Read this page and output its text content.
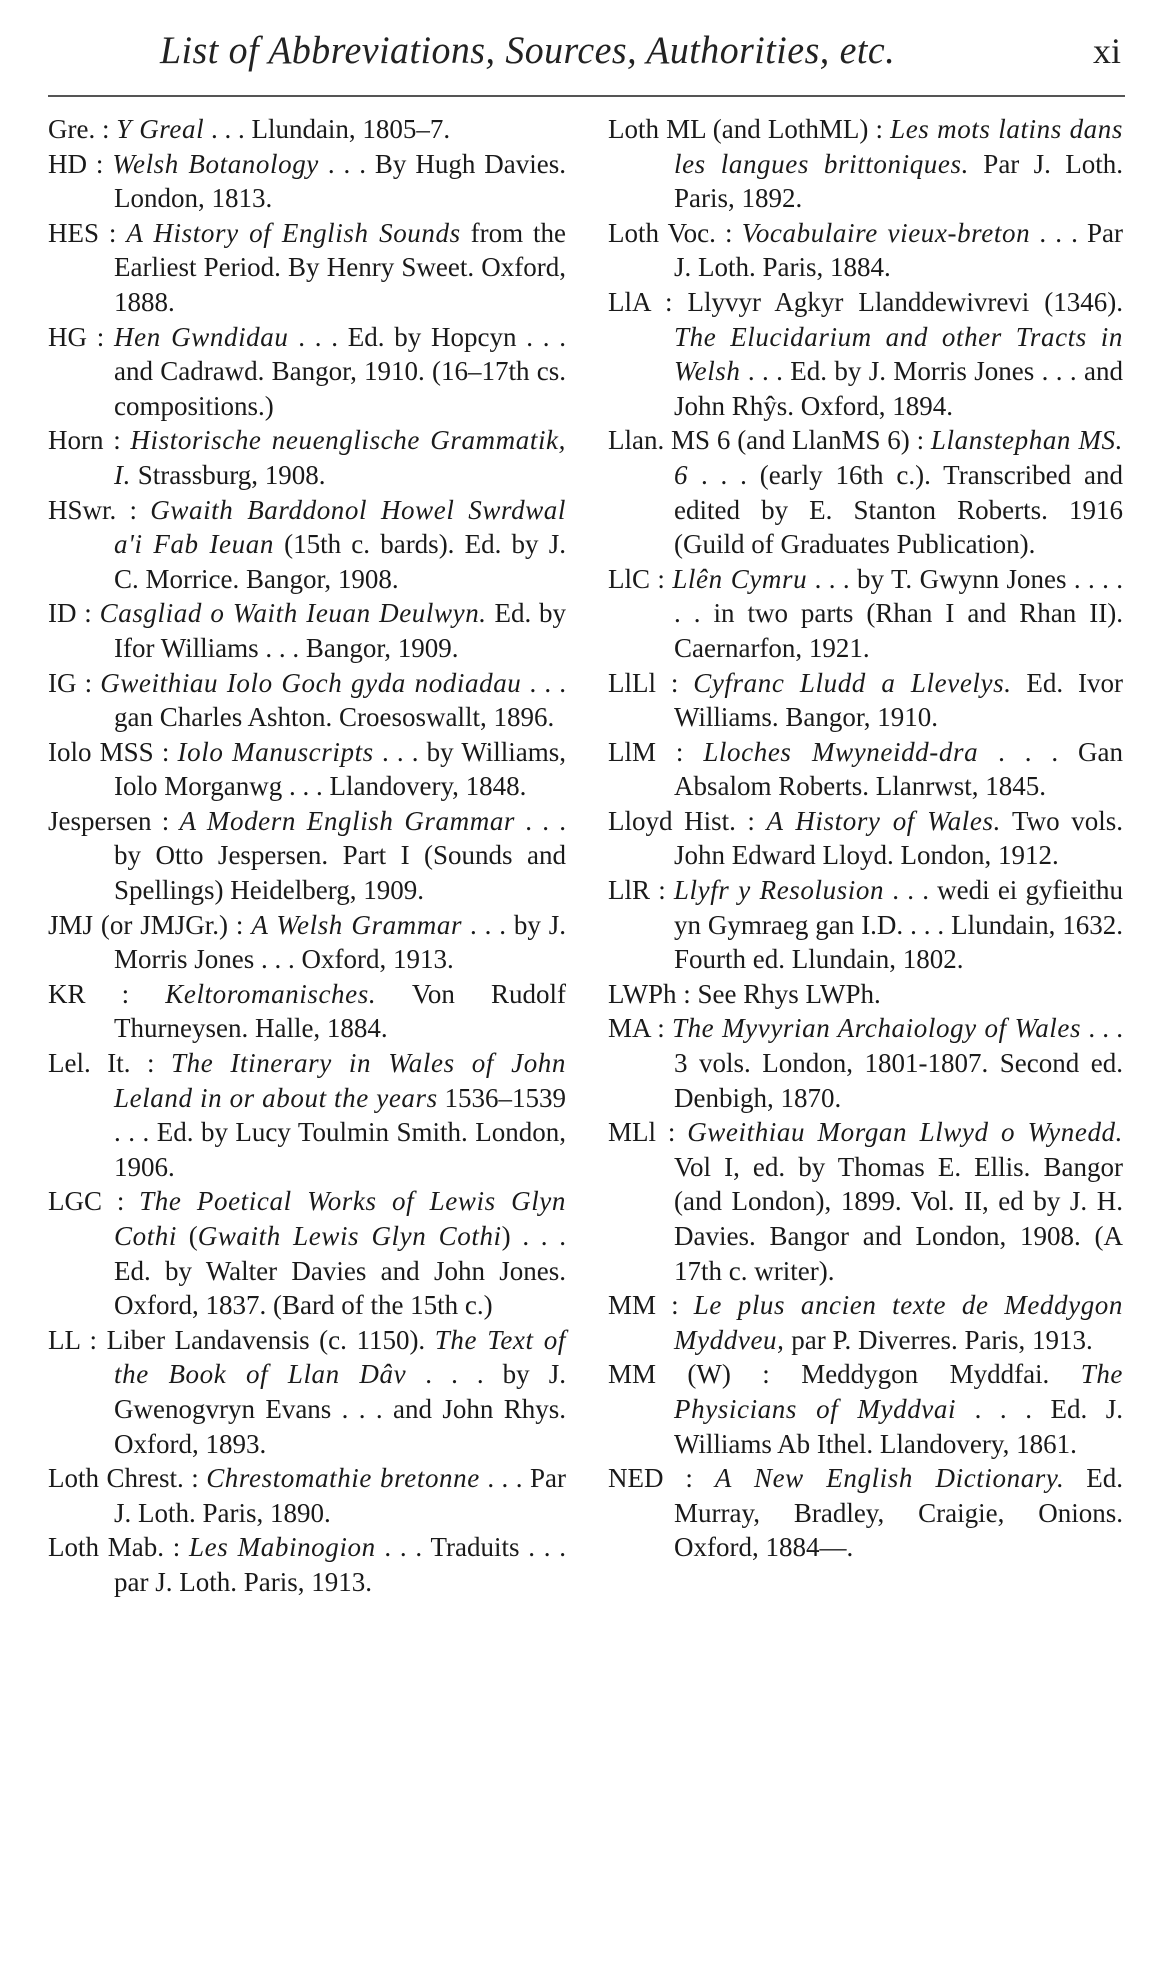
List of Abbreviations, Sources, Authorities, etc.	xi

Gre. : Y Greal . . . Llundain, 1805–7.

HD : Welsh Botanology . . . By Hugh Davies. London, 1813.

HES : A History of English Sounds from the Earliest Period. By Henry Sweet. Oxford, 1888.

HG : Hen Gwndidau . . . Ed. by Hopcyn . . . and Cadrawd. Bangor, 1910. (16–17th cs. compositions.)

Horn : Historische neuenglische Grammatik, I. Strassburg, 1908.

HSwr. : Gwaith Barddonol Howel Swrdwal a'i Fab Ieuan (15th c. bards). Ed. by J. C. Morrice. Bangor, 1908.

ID : Casgliad o Waith Ieuan Deulwyn. Ed. by Ifor Williams . . . Bangor, 1909.

IG : Gweithiau Iolo Goch gyda nodiadau . . . gan Charles Ashton. Croesoswallt, 1896.

Iolo MSS : Iolo Manuscripts . . . by Williams, Iolo Morganwg . . . Llandovery, 1848.

Jespersen : A Modern English Grammar . . . by Otto Jespersen. Part I (Sounds and Spellings) Heidelberg, 1909.

JMJ (or JMJGr.) : A Welsh Grammar . . . by J. Morris Jones . . . Oxford, 1913.

KR : Keltoromanisches. Von Rudolf Thurneysen. Halle, 1884.

Lel. It. : The Itinerary in Wales of John Leland in or about the years 1536–1539 . . . Ed. by Lucy Toulmin Smith. London, 1906.

LGC : The Poetical Works of Lewis Glyn Cothi (Gwaith Lewis Glyn Cothi) . . . Ed. by Walter Davies and John Jones. Oxford, 1837. (Bard of the 15th c.)

LL : Liber Landavensis (c. 1150). The Text of the Book of Llan Dâv . . . by J. Gwenogvryn Evans . . . and John Rhys. Oxford, 1893.

Loth Chrest. : Chrestomathie bretonne . . . Par J. Loth. Paris, 1890.

Loth Mab. : Les Mabinogion . . . Traduits . . . par J. Loth. Paris, 1913.

Loth ML (and LothML) : Les mots latins dans les langues brittoniques. Par J. Loth. Paris, 1892.

Loth Voc. : Vocabulaire vieux-breton . . . Par J. Loth. Paris, 1884.

LlA : Llyvyr Agkyr Llanddewivrevi (1346). The Elucidarium and other Tracts in Welsh . . . Ed. by J. Morris Jones . . . and John Rhŷs. Oxford, 1894.

Llan. MS 6 (and LlanMS 6) : Llanstephan MS. 6 . . . (early 16th c.). Transcribed and edited by E. Stanton Roberts. 1916 (Guild of Graduates Publication).

LlC : Llên Cymru . . . by T. Gwynn Jones . . . . . . in two parts (Rhan I and Rhan II). Caernarfon, 1921.

LlLl : Cyfranc Lludd a Llevelys. Ed. Ivor Williams. Bangor, 1910.

LlM : Lloches Mwyneidd-dra . . . Gan Absalom Roberts. Llanrwst, 1845.

Lloyd Hist. : A History of Wales. Two vols. John Edward Lloyd. London, 1912.

LlR : Llyfr y Resolusion . . . wedi ei gyfieithu yn Gymraeg gan I.D. . . . Llundain, 1632. Fourth ed. Llundain, 1802.

LWPh : See Rhys LWPh.

MA : The Myvyrian Archaiology of Wales . . . 3 vols. London, 1801-1807. Second ed. Denbigh, 1870.

MLl : Gweithiau Morgan Llwyd o Wynedd. Vol I, ed. by Thomas E. Ellis. Bangor (and London), 1899. Vol. II, ed by J. H. Davies. Bangor and London, 1908. (A 17th c. writer).

MM : Le plus ancien texte de Meddygon Myddveu, par P. Diverres. Paris, 1913.

MM (W) : Meddygon Myddfai. The Physicians of Myddvai . . . Ed. J. Williams Ab Ithel. Llandovery, 1861.

NED : A New English Dictionary. Ed. Murray, Bradley, Craigie, Onions. Oxford, 1884—.
